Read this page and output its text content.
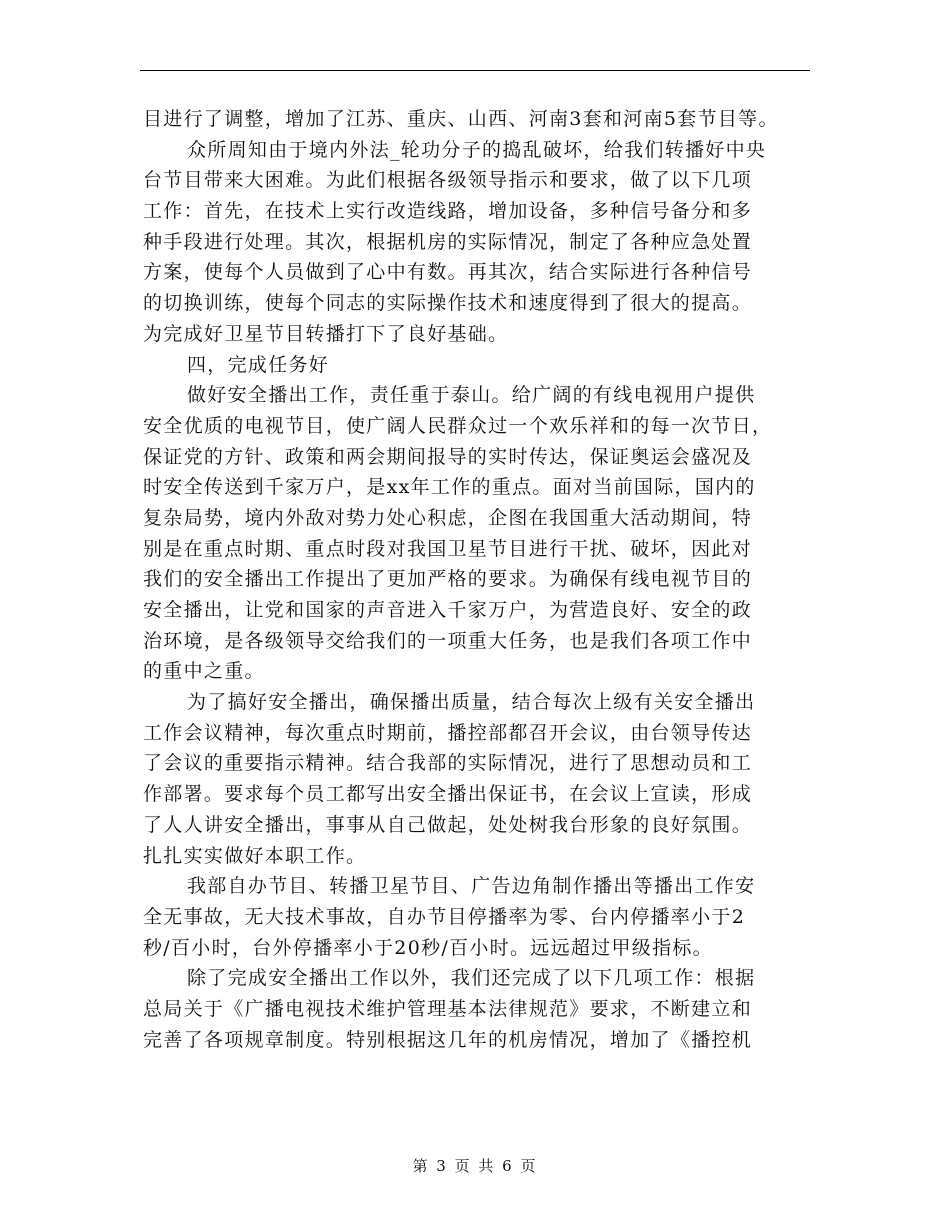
目进行了调整，增加了江苏、重庆、山西、河南3套和河南5套节目等。
众所周知由于境内外法_轮功分子的捣乱破坏，给我们转播好中央
台节目带来大困难。为此们根据各级领导指示和要求，做了以下几项
工作：首先，在技术上实行改造线路，增加设备，多种信号备分和多
种手段进行处理。其次，根据机房的实际情况，制定了各种应急处置
方案，使每个人员做到了心中有数。再其次，结合实际进行各种信号
的切换训练，使每个同志的实际操作技术和速度得到了很大的提高。
为完成好卫星节目转播打下了良好基础。
四，完成任务好
做好安全播出工作，责任重于泰山。给广阔的有线电视用户提供
安全优质的电视节目，使广阔人民群众过一个欢乐祥和的每一次节日，
保证党的方针、政策和两会期间报导的实时传达，保证奥运会盛况及
时安全传送到千家万户，是xx年工作的重点。面对当前国际，国内的
复杂局势，境内外敌对势力处心积虑，企图在我国重大活动期间，特
别是在重点时期、重点时段对我国卫星节目进行干扰、破坏，因此对
我们的安全播出工作提出了更加严格的要求。为确保有线电视节目的
安全播出，让党和国家的声音进入千家万户，为营造良好、安全的政
治环境，是各级领导交给我们的一项重大任务，也是我们各项工作中
的重中之重。
为了搞好安全播出，确保播出质量，结合每次上级有关安全播出
工作会议精神，每次重点时期前，播控部都召开会议，由台领导传达
了会议的重要指示精神。结合我部的实际情况，进行了思想动员和工
作部署。要求每个员工都写出安全播出保证书，在会议上宣读，形成
了人人讲安全播出，事事从自己做起，处处树我台形象的良好氛围。
扎扎实实做好本职工作。
我部自办节目、转播卫星节目、广告边角制作播出等播出工作安
全无事故，无大技术事故，自办节目停播率为零、台内停播率小于2
秒/百小时，台外停播率小于20秒/百小时。远远超过甲级指标。
除了完成安全播出工作以外，我们还完成了以下几项工作：根据
总局关于《广播电视技术维护管理基本法律规范》要求，不断建立和
完善了各项规章制度。特别根据这几年的机房情况，增加了《播控机
第 3 页 共 6 页
